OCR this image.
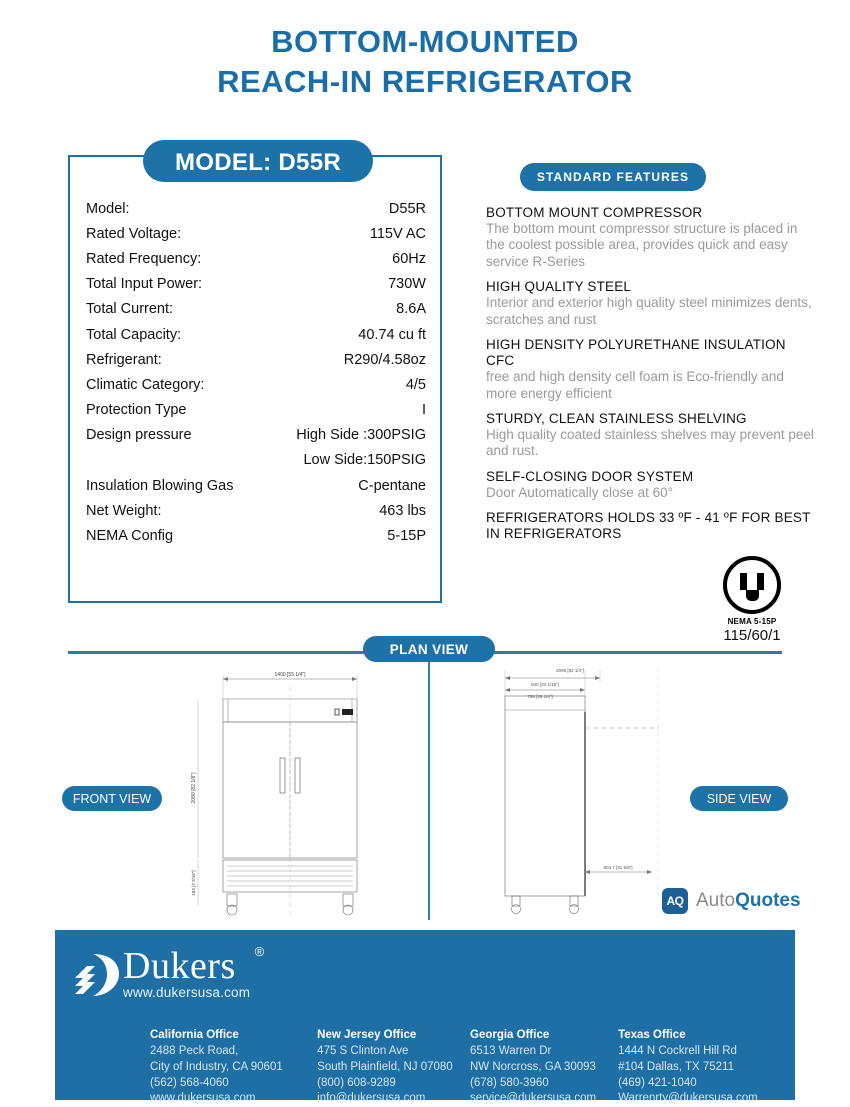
BOTTOM-MOUNTED
REACH-IN REFRIGERATOR
MODEL: D55R
Model:	D55R
Rated Voltage:	115V AC
Rated Frequency:	60Hz
Total Input Power:	730W
Total Current:	8.6A
Total Capacity:	40.74 cu ft
Refrigerant:	R290/4.58oz
Climatic Category:	4/5
Protection Type	I
Design pressure	High Side :300PSIG
Low Side:150PSIG
Insulation Blowing Gas	C-pentane
Net Weight:	463 lbs
NEMA Config	5-15P
STANDARD FEATURES
BOTTOM MOUNT COMPRESSOR
The bottom mount compressor structure is placed in the coolest possible area, provides quick and easy service R-Series
HIGH QUALITY STEEL
Interior and exterior high quality steel minimizes dents, scratches and rust
HIGH DENSITY POLYURETHANE INSULATION CFC
free and high density cell foam is Eco-friendly and more energy efficient
STURDY, CLEAN STAINLESS SHELVING
High quality coated stainless shelves may prevent peel and rust.
SELF-CLOSING DOOR SYSTEM
Door Automatically close at 60°
REFRIGERATORS HOLDS 33 ºF - 41 ºF FOR BEST IN REFRIGERATORS
NEMA 5-15P
115/60/1
PLAN VIEW
FRONT VIEW	SIDE VIEW
1400 [55 1/4"]
2080 [82 1/8"]
183 [7 3/16"]
2095 [82 1/4"]
840 [33 1/16"]
758 [29 1/4"]
804.7 [31 5/8"]
AQ AutoQuotes
Dukers	®
www.dukersusa.com
California Office
2488 Peck Road,
City of Industry, CA 90601
(562) 568-4060
www.dukersusa.com
New Jersey Office
475 S Clinton Ave
South Plainfield, NJ 07080
(800) 608-9289
info@dukersusa.com
Georgia Office
6513 Warren Dr
NW Norcross, GA 30093
(678) 580-3960
service@dukersusa.com
Texas Office
1444 N Cockrell Hill Rd
#104 Dallas, TX 75211
(469) 421-1040
Warrenrty@dukersusa.com
